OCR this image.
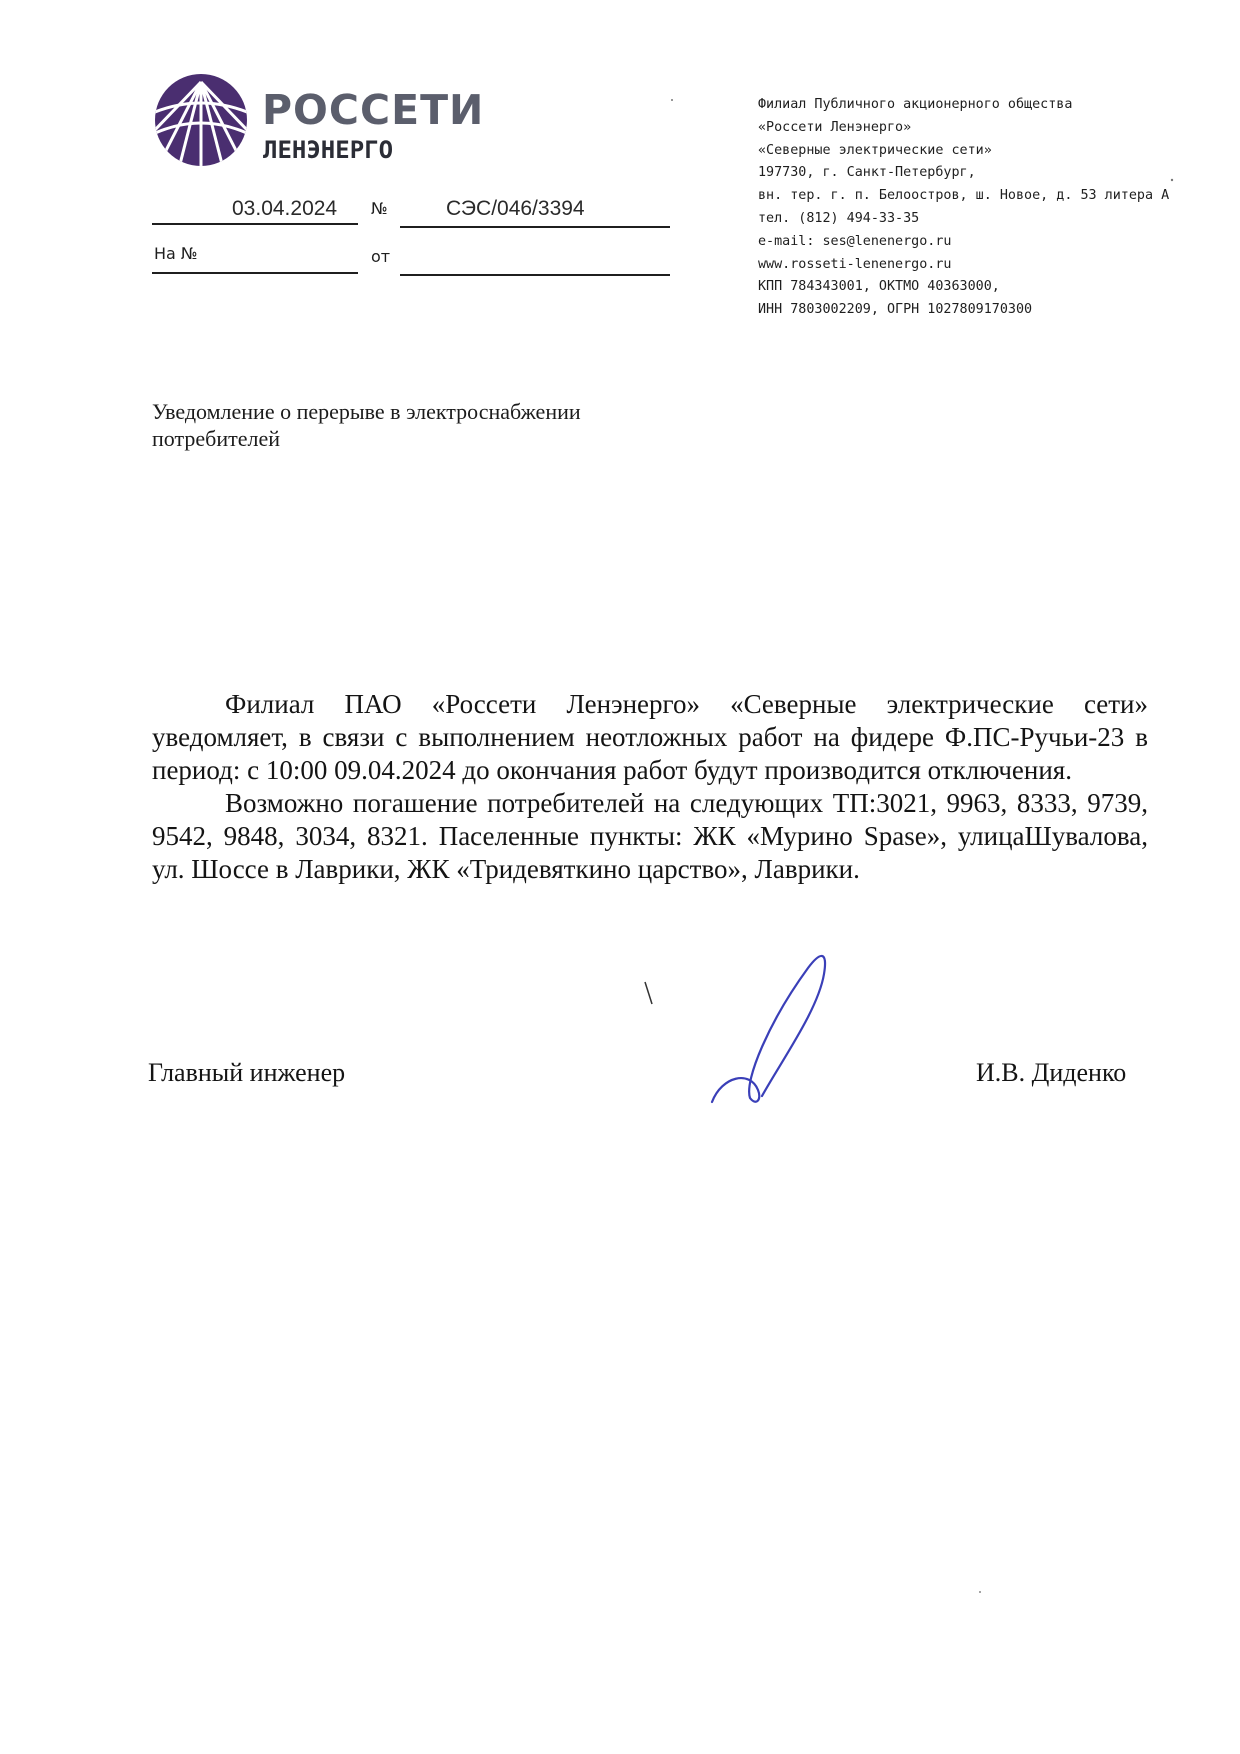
РОССЕТИ
ЛЕНЭНЕРГО
03.04.2024 №	СЭС/046/3394
На №	от
Филиал Публичного акционерного общества
«Россети Ленэнерго»
«Северные электрические сети»
197730, г. Санкт-Петербург,
вн. тер. г. п. Белоостров, ш. Новое, д. 53 литера А
тел. (812) 494-33-35
e-mail: ses@lenenergo.ru
www.rosseti-lenenergo.ru
КПП 784343001, ОКТМО 40363000,
ИНН 7803002209, ОГРН 1027809170300
Уведомление о перерыве в электроснабжении
потребителей

Филиал ПАО «Россети Ленэнерго» «Северные электрические сети» уведомляет, в связи с выполнением неотложных работ на фидере Ф.ПС-Ручьи-23 в период: с 10:00 09.04.2024 до окончания работ будут производится отключения.

Возможно погашение потребителей на следующих ТП:3021, 9963, 8333, 9739, 9542, 9848, 3034, 8321. Паселенные пункты: ЖК «Мурино Spase», улицаШувалова, ул. Шоссе в Лаврики, ЖК «Тридевяткино царство», Лаврики.

Главный инженер	И.В. Диденко
